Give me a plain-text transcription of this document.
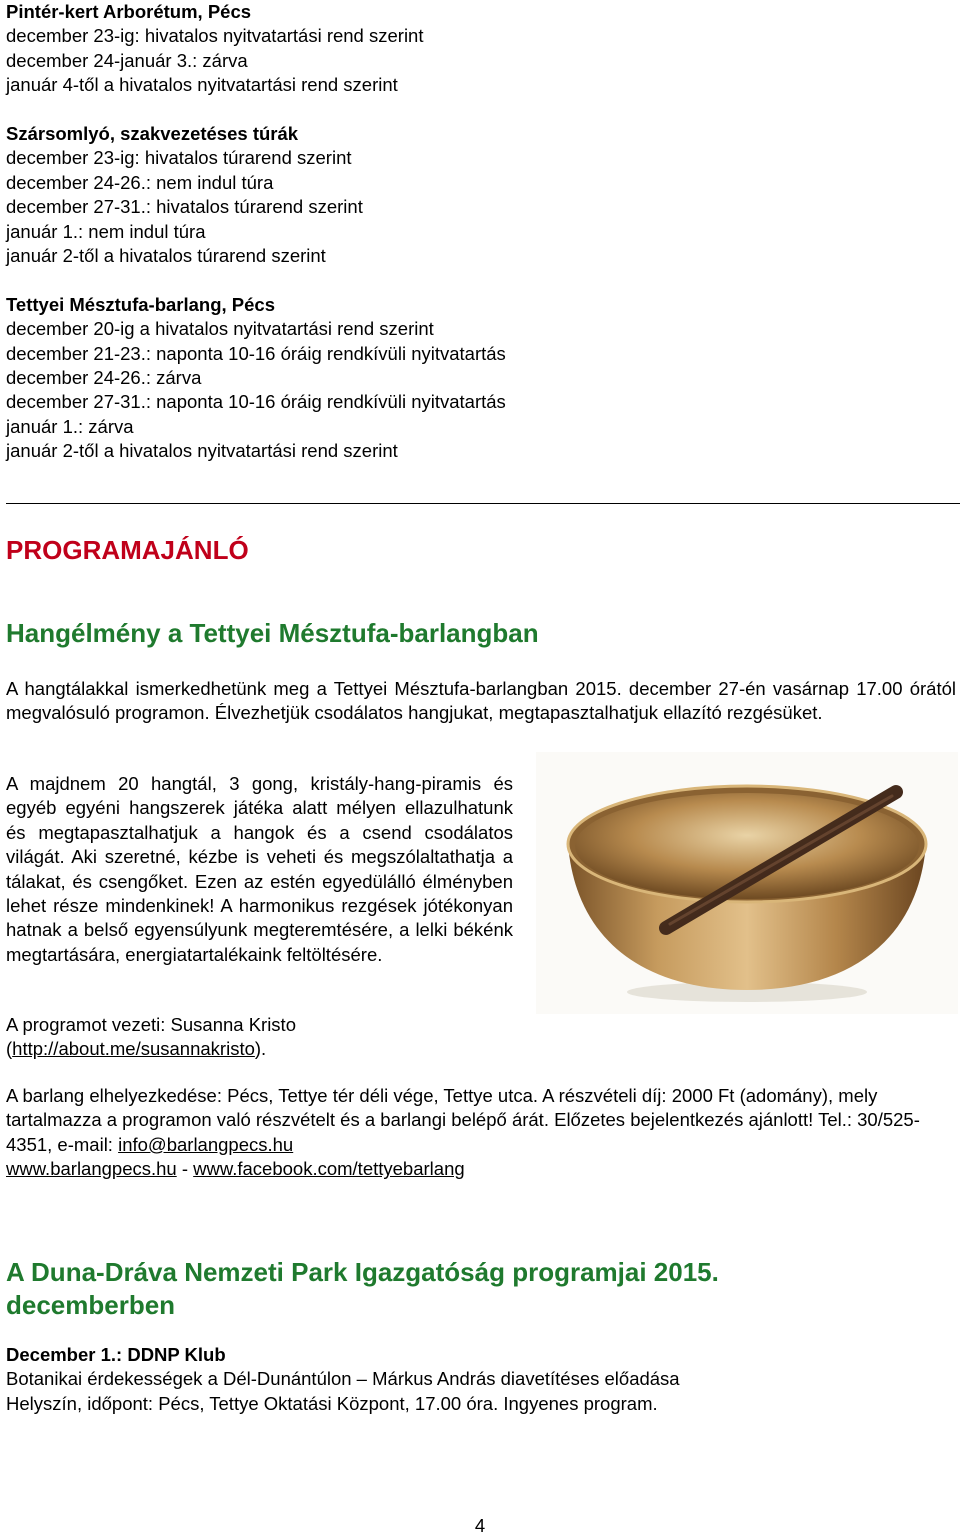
Pintér-kert Arborétum, Pécs
december 23-ig: hivatalos nyitvatartási rend szerint
december 24-január 3.: zárva
január 4-től a hivatalos nyitvatartási rend szerint
Szársomlyó, szakvezetéses túrák
december 23-ig: hivatalos túrarend szerint
december 24-26.: nem indul túra
december 27-31.: hivatalos túrarend szerint
január 1.: nem indul túra
január 2-től a hivatalos túrarend szerint
Tettyei Mésztufa-barlang, Pécs
december 20-ig a hivatalos nyitvatartási rend szerint
december 21-23.: naponta 10-16 óráig rendkívüli nyitvatartás
december 24-26.: zárva
december 27-31.: naponta 10-16 óráig rendkívüli nyitvatartás
január 1.: zárva
január 2-től a hivatalos nyitvatartási rend szerint
PROGRAMAJÁNLÓ
Hangélmény a Tettyei Mésztufa-barlangban
A hangtálakkal ismerkedhetünk meg a Tettyei Mésztufa-barlangban 2015. december 27-én vasárnap 17.00 órától megvalósuló programon. Élvezhetjük csodálatos hangjukat, megtapasztalhatjuk ellazító rezgésüket.
A majdnem 20 hangtál, 3 gong, kristály-hang-piramis és egyéb egyéni hangszerek játéka alatt mélyen ellazulhatunk és megtapasztalhatjuk a hangok és a csend csodálatos világát. Aki szeretné, kézbe is veheti és megszólaltathatja a tálakat, és csengőket. Ezen az estén egyedülálló élményben lehet része mindenkinek! A harmonikus rezgések jótékonyan hatnak a belső egyensúlyunk megteremtésére, a lelki békénk megtartására, energiatartalékaink feltöltésére.
A programot vezeti: Susanna Kristo
(http://about.me/susannakristo).
A barlang elhelyezkedése: Pécs, Tettye tér déli vége, Tettye utca. A részvételi díj: 2000 Ft (adomány), mely tartalmazza a programon való részvételt és a barlangi belépő árát. Előzetes bejelentkezés ajánlott! Tel.: 30/525-4351, e-mail: info@barlangpecs.hu
www.barlangpecs.hu - www.facebook.com/tettyebarlang
A Duna-Dráva Nemzeti Park Igazgatóság programjai 2015. decemberben
December 1.: DDNP Klub
Botanikai érdekességek a Dél-Dunántúlon – Márkus András diavetítéses előadása
Helyszín, időpont: Pécs, Tettye Oktatási Központ, 17.00 óra. Ingyenes program.
4
